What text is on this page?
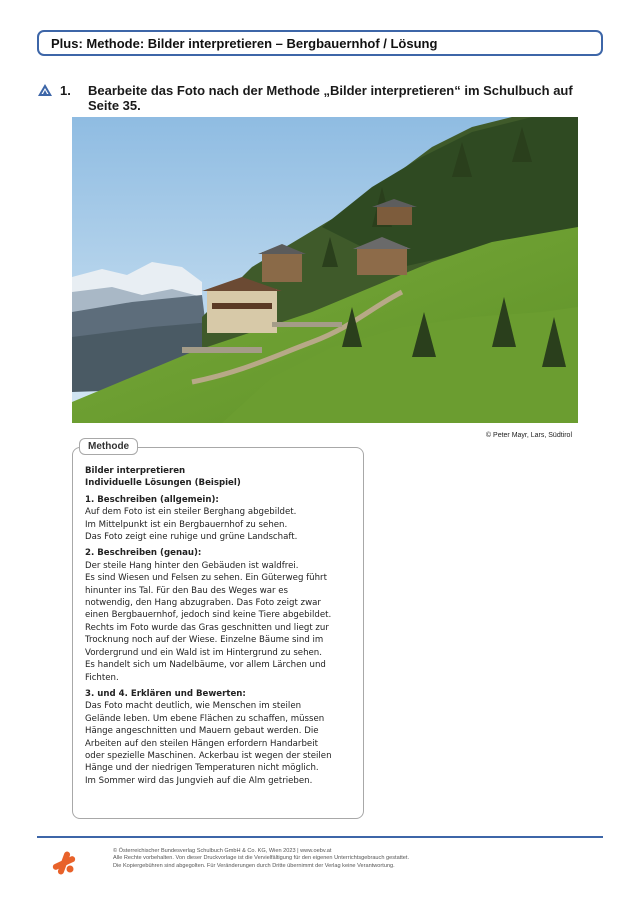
Plus: Methode: Bilder interpretieren – Bergbauernhof / Lösung
1. Bearbeite das Foto nach der Methode „Bilder interpretieren“ im Schulbuch auf
Seite 35.
© Peter Mayr, Lars, Südtirol
Methode

Bilder interpretieren

Individuelle Lösungen (Beispiel)

1. Beschreiben (allgemein):

Auf dem Foto ist ein steiler Berghang abgebildet.

Im Mittelpunkt ist ein Bergbauernhof zu sehen.

Das Foto zeigt eine ruhige und grüne Landschaft.

2. Beschreiben (genau):

Der steile Hang hinter den Gebäuden ist waldfrei.

Es sind Wiesen und Felsen zu sehen. Ein Güterweg führt

hinunter ins Tal. Für den Bau des Weges war es

notwendig, den Hang abzugraben. Das Foto zeigt zwar

einen Bergbauernhof, jedoch sind keine Tiere abgebildet.

Rechts im Foto wurde das Gras geschnitten und liegt zur

Trocknung noch auf der Wiese. Einzelne Bäume sind im

Vordergrund und ein Wald ist im Hintergrund zu sehen.

Es handelt sich um Nadelbäume, vor allem Lärchen und

Fichten.

3. und 4. Erklären und Bewerten:

Das Foto macht deutlich, wie Menschen im steilen

Gelände leben. Um ebene Flächen zu schaffen, müssen

Hänge angeschnitten und Mauern gebaut werden. Die

Arbeiten auf den steilen Hängen erfordern Handarbeit

oder spezielle Maschinen. Ackerbau ist wegen der steilen

Hänge und der niedrigen Temperaturen nicht möglich.

Im Sommer wird das Jungvieh auf die Alm getrieben.

© Österreichischer Bundesverlag Schulbuch GmbH & Co. KG, Wien 2023 | www.oebv.at
Alle Rechte vorbehalten. Von dieser Druckvorlage ist die Vervielfältigung für den eigenen Unterrichtsgebrauch gestattet.
Die Kopiergebühren sind abgegolten. Für Veränderungen durch Dritte übernimmt der Verlag keine Verantwortung.
